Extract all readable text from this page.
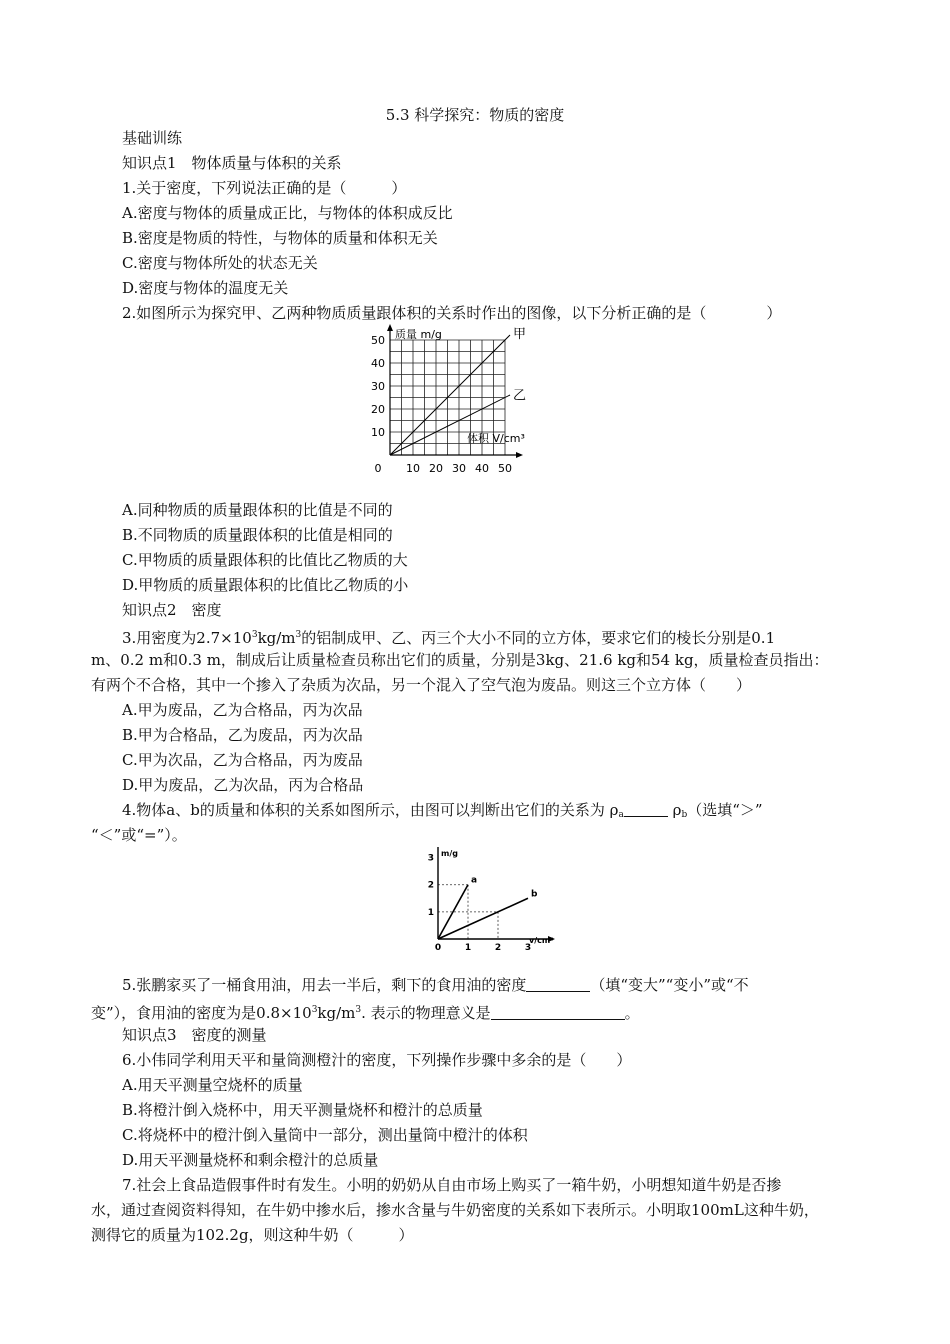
5.3 科学探究：物质的密度
基础训练
知识点1　物体质量与体积的关系
1.关于密度，下列说法正确的是（　　　）
A.密度与物体的质量成正比，与物体的体积成反比
B.密度是物质的特性，与物体的质量和体积无关
C.密度与物体所处的状态无关
D.密度与物体的温度无关
2.如图所示为探究甲、乙两种物质质量跟体积的关系时作出的图像，以下分析正确的是（　　　　）
甲
乙
0 10 20 30 40 50
10
20
30
40
50 质量 m/g
体积 V/cm³
A.同种物质的质量跟体积的比值是不同的
B.不同物质的质量跟体积的比值是相同的
C.甲物质的质量跟体积的比值比乙物质的大
D.甲物质的质量跟体积的比值比乙物质的小
知识点2　密度
3.用密度为$2.7\times 10^3kg/m^3$的铝制成甲、乙、丙三个大小不同的立方体，要求它们的棱长分别是0.1
m、0.2 m和0.3 m，制成后让质量检查员称出它们的质量，分别是3kg、21.6 kg和54 kg，质量检查员指出：
有两个不合格，其中一个掺入了杂质为次品，另一个混入了空气泡为废品。则这三个立方体（　　）
A.甲为废品，乙为合格品，丙为次品
B.甲为合格品，乙为废品，丙为次品
C.甲为次品，乙为合格品，丙为废品
D.甲为废品，乙为次品，丙为合格品
4.物体a、b的质量和体积的关系如图所示，由图可以判断出它们的关系为 $\rho_a$	$\rho_b$（选填“＞”
“＜”或“=”）。
a
b
0	1	2	3
1
2
3
m/g
v/cm³
5.张鹏家买了一桶食用油，用去一半后，剩下的食用油的密度	（填“变大”“变小”或“不
变”），食用油的密度为是$0.8\times 10^3kg/m^3$. 表示的物理意义是	。
知识点3　密度的测量
6.小伟同学利用天平和量筒测橙汁的密度，下列操作步骤中多余的是（　　）
A.用天平测量空烧杯的质量
B.将橙汁倒入烧杯中，用天平测量烧杯和橙汁的总质量
C.将烧杯中的橙汁倒入量筒中一部分，测出量筒中橙汁的体积
D.用天平测量烧杯和剩余橙汁的总质量
7.社会上食品造假事件时有发生。小明的奶奶从自由市场上购买了一箱牛奶，小明想知道牛奶是否掺
水，通过查阅资料得知，在牛奶中掺水后，掺水含量与牛奶密度的关系如下表所示。小明取100mL这种牛奶，
测得它的质量为102.2g，则这种牛奶（　　　）
